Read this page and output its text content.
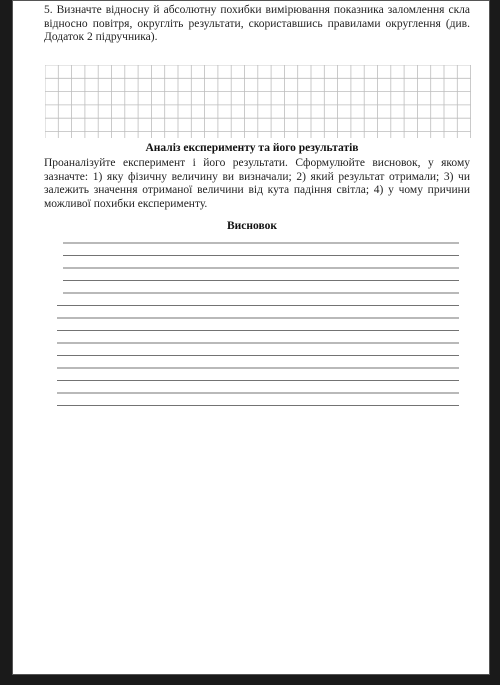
5. Визначте відносну й абсолютну похибки вимірювання показника заломлення скла відносно повітря, округліть результати, скориставшись правилами округлення (див. Додаток 2 підручника).
Аналіз експерименту та його результатів
Проаналізуйте експеримент і його результати. Сформулюйте висновок, у якому зазначте: 1) яку фізичну величину ви визначали; 2) який результат отримали; 3) чи залежить значення отриманої величини від кута падіння світла; 4) у чому причини можливої похибки експерименту.
Висновок
